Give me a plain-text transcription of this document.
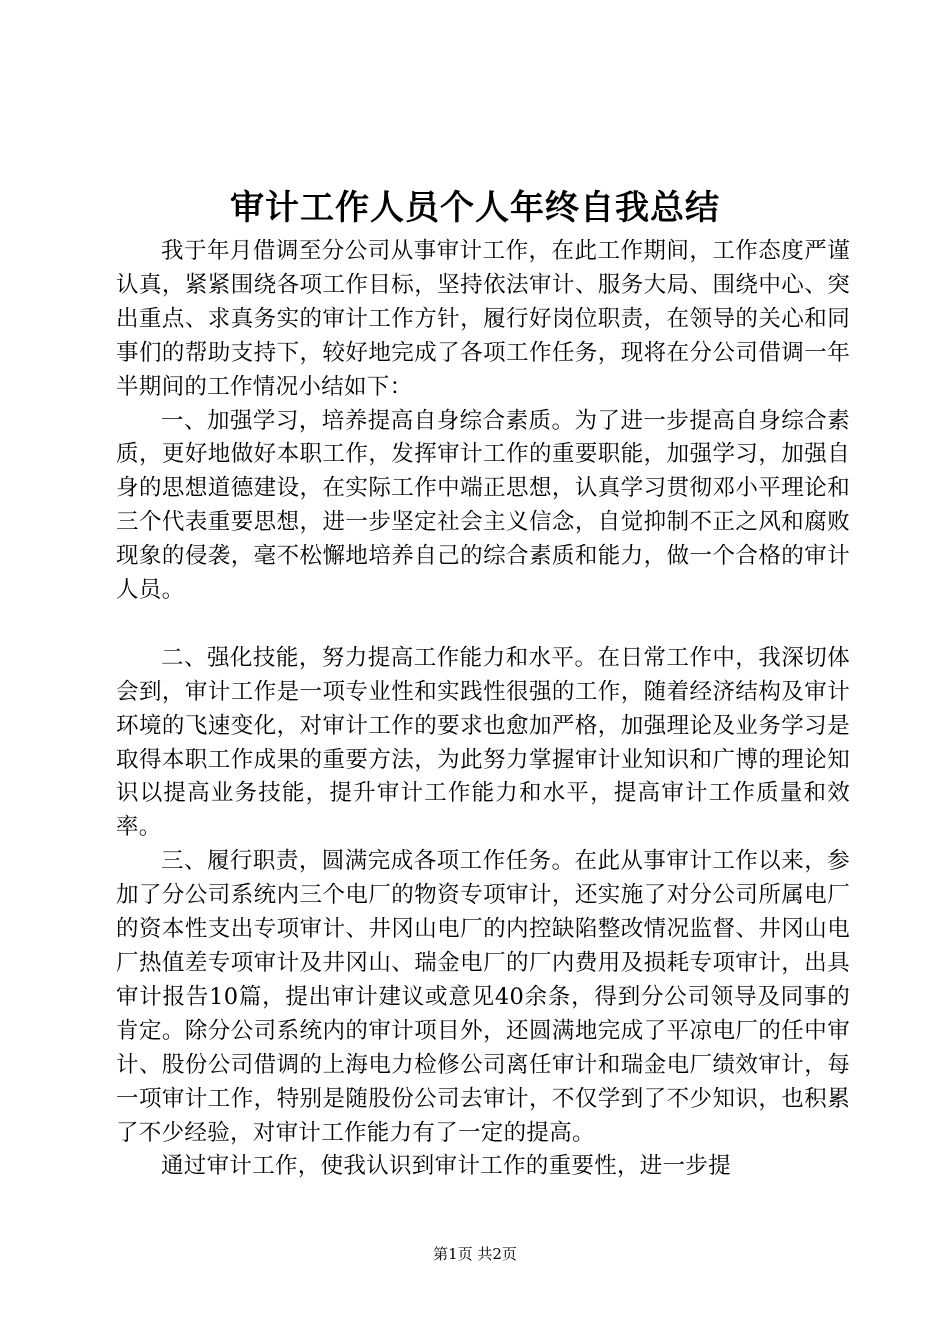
审计工作人员个人年终自我总结

我于年月借调至分公司从事审计工作，在此工作期间，工作态度严谨认真，紧紧围绕各项工作目标，坚持依法审计、服务大局、围绕中心、突出重点、求真务实的审计工作方针，履行好岗位职责，在领导的关心和同事们的帮助支持下，较好地完成了各项工作任务，现将在分公司借调一年半期间的工作情况小结如下：

一、加强学习，培养提高自身综合素质。为了进一步提高自身综合素质，更好地做好本职工作，发挥审计工作的重要职能，加强学习，加强自身的思想道德建设，在实际工作中端正思想，认真学习贯彻邓小平理论和三个代表重要思想，进一步坚定社会主义信念，自觉抑制不正之风和腐败现象的侵袭，毫不松懈地培养自己的综合素质和能力，做一个合格的审计人员。

二、强化技能，努力提高工作能力和水平。在日常工作中，我深切体会到，审计工作是一项专业性和实践性很强的工作，随着经济结构及审计环境的飞速变化，对审计工作的要求也愈加严格，加强理论及业务学习是取得本职工作成果的重要方法，为此努力掌握审计业知识和广博的理论知识以提高业务技能，提升审计工作能力和水平，提高审计工作质量和效率。

三、履行职责，圆满完成各项工作任务。在此从事审计工作以来，参加了分公司系统内三个电厂的物资专项审计，还实施了对分公司所属电厂的资本性支出专项审计、井冈山电厂的内控缺陷整改情况监督、井冈山电厂热值差专项审计及井冈山、瑞金电厂的厂内费用及损耗专项审计，出具审计报告10篇，提出审计建议或意见40余条，得到分公司领导及同事的肯定。除分公司系统内的审计项目外，还圆满地完成了平凉电厂的任中审计、股份公司借调的上海电力检修公司离任审计和瑞金电厂绩效审计，每一项审计工作，特别是随股份公司去审计，不仅学到了不少知识，也积累了不少经验，对审计工作能力有了一定的提高。

通过审计工作，使我认识到审计工作的重要性，进一步提

第1页 共2页
